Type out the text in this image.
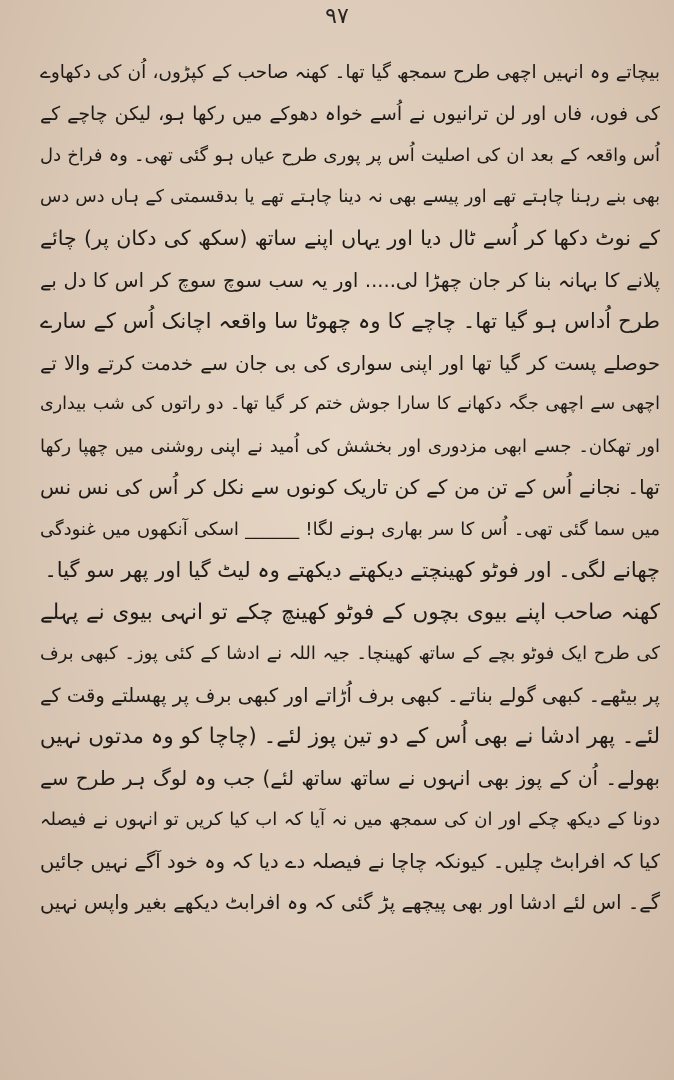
۹۷
بیچاتے وہ انہیں اچھی طرح سمجھ گیا تھا۔ کھنہ صاحب کے کپڑوں، اُن کی دکھاوے
کی فوں، فاں اور لن ترانیوں نے اُسے خواہ دھوکے میں رکھا ہو، لیکن چاچے کے
اُس واقعہ کے بعد ان کی اصلیت اُس پر پوری طرح عیاں ہو گئی تھی۔ وہ فراخ دل
بھی بنے رہنا چاہتے تھے اور پیسے بھی نہ دینا چاہتے تھے یا بدقسمتی کے ہاں دس دس
کے نوٹ دکھا کر اُسے ٹال دیا اور یہاں اپنے ساتھ (سکھ کی دکان پر) چائے
پلانے کا بہانہ بنا کر جان چھڑا لی..... اور یہ سب سوچ سوچ کر اس کا دل بے
طرح اُداس ہو گیا تھا۔ چاچے کا وہ چھوٹا سا واقعہ اچانک اُس کے سارے
حوصلے پست کر گیا تھا اور اپنی سواری کی بی جان سے خدمت کرتے والا تے
اچھی سے اچھی جگہ دکھانے کا سارا جوش ختم کر گیا تھا۔ دو راتوں کی شب بیداری
اور تھکان۔ جسے ابھی مزدوری اور بخشش کی اُمید نے اپنی روشنی میں چھپا رکھا
تھا۔ نجانے اُس کے تن من کے کن تاریک کونوں سے نکل کر اُس کی نس نس
میں سما گئی تھی۔ اُس کا سر بھاری ہونے لگا! ______ اسکی آنکھوں میں غنودگی
چھانے لگی۔ اور فوٹو کھینچتے دیکھتے دیکھتے وہ لیٹ گیا اور پھر سو گیا۔
کھنہ صاحب اپنے بیوی بچوں کے فوٹو کھینچ چکے تو انہی بیوی نے پہلے
کی طرح ایک فوٹو بچے کے ساتھ کھینچا۔ جیہ اللہ نے ادشا کے کئی پوز۔ کبھی برف
پر بیٹھے۔ کبھی گولے بناتے۔ کبھی برف اُڑاتے اور کبھی برف پر پھسلتے وقت کے
لئے۔ پھر ادشا نے بھی اُس کے دو تین پوز لئے۔ (چاچا کو وہ مدتوں نہیں
بھولے۔ اُن کے پوز بھی انہوں نے ساتھ ساتھ لئے) جب وہ لوگ ہر طرح سے
دونا کے دیکھ چکے اور ان کی سمجھ میں نہ آیا کہ اب کیا کریں تو انہوں نے فیصلہ
کیا کہ افرابٹ چلیں۔ کیونکہ چاچا نے فیصلہ دے دیا کہ وہ خود آگے نہیں جائیں
گے۔ اس لئے ادشا اور بھی پیچھے پڑ گئی کہ وہ افرابٹ دیکھے بغیر واپس نہیں
